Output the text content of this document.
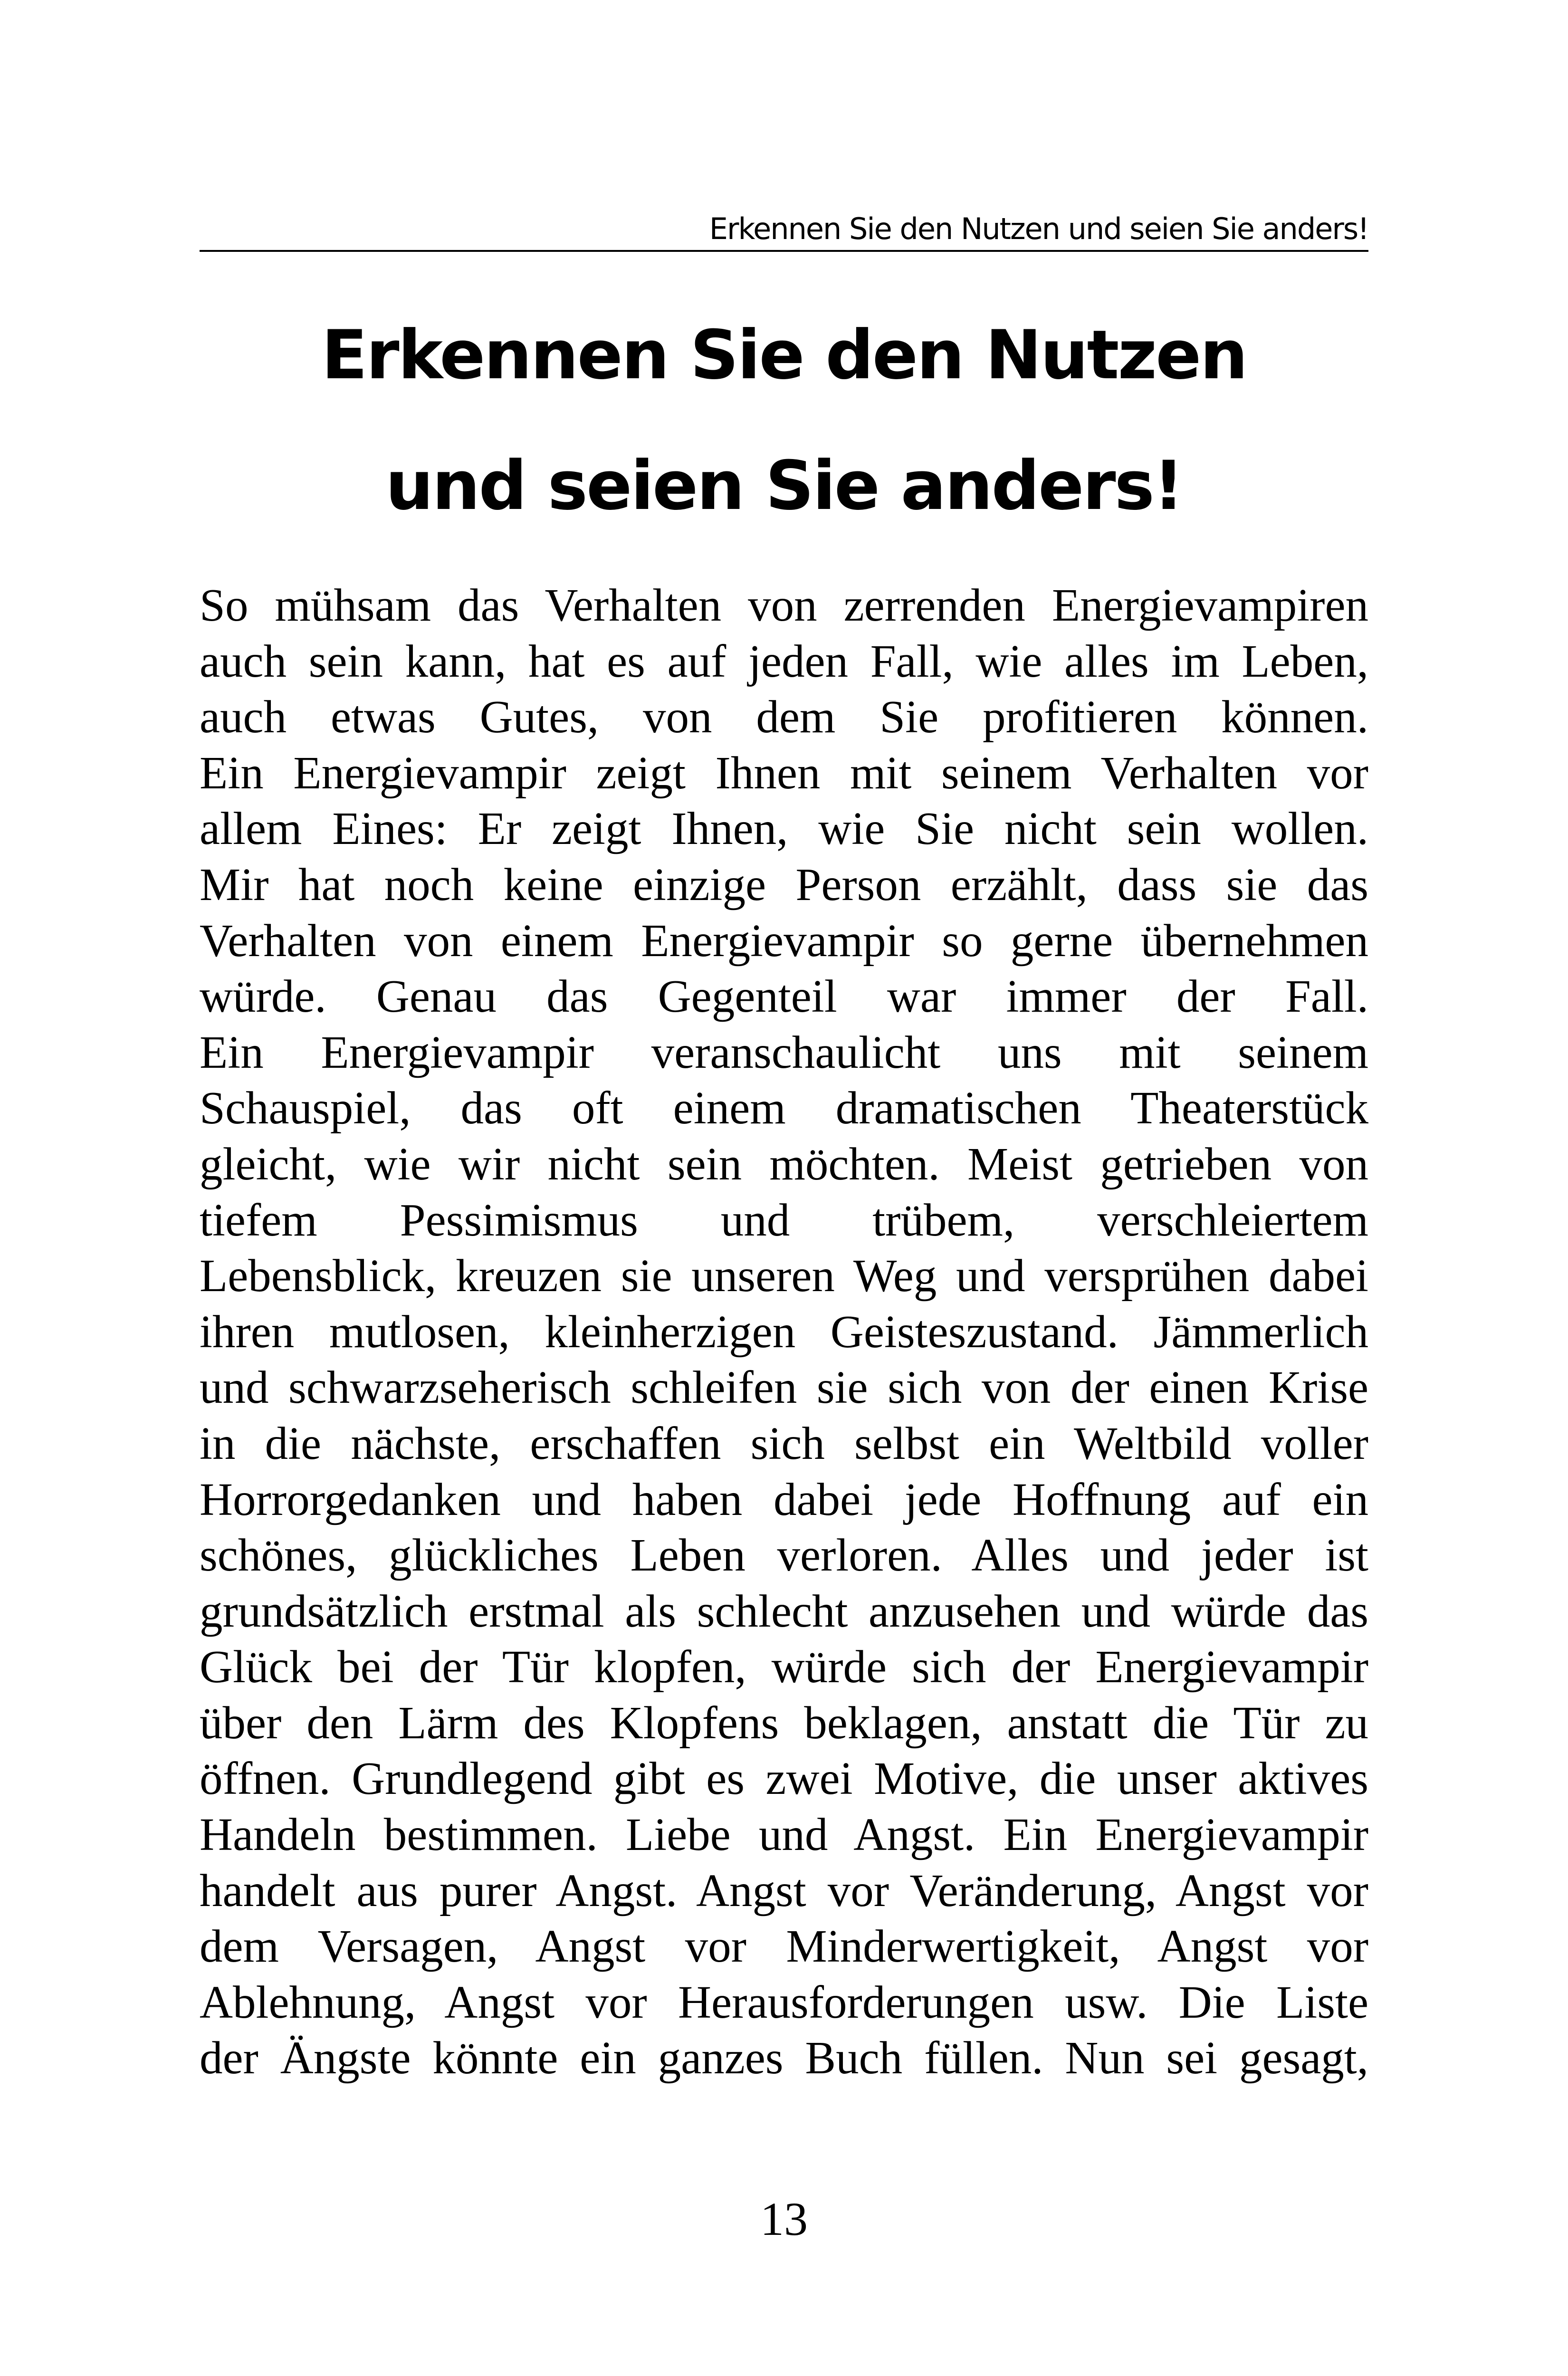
Erkennen Sie den Nutzen und seien Sie anders!
Erkennen Sie den Nutzen
und seien Sie anders!
So mühsam das Verhalten von zerrenden Energievampiren
auch sein kann, hat es auf jeden Fall, wie alles im Leben,
auch etwas Gutes, von dem Sie profitieren können.
Ein Energievampir zeigt Ihnen mit seinem Verhalten vor
allem Eines: Er zeigt Ihnen, wie Sie nicht sein wollen.
Mir hat noch keine einzige Person erzählt, dass sie das
Verhalten von einem Energievampir so gerne übernehmen
würde. Genau das Gegenteil war immer der Fall.
Ein Energievampir veranschaulicht uns mit seinem
Schauspiel, das oft einem dramatischen Theaterstück
gleicht, wie wir nicht sein möchten. Meist getrieben von
tiefem Pessimismus und trübem, verschleiertem
Lebensblick, kreuzen sie unseren Weg und versprühen dabei
ihren mutlosen, kleinherzigen Geisteszustand. Jämmerlich
und schwarzseherisch schleifen sie sich von der einen Krise
in die nächste, erschaffen sich selbst ein Weltbild voller
Horrorgedanken und haben dabei jede Hoffnung auf ein
schönes, glückliches Leben verloren. Alles und jeder ist
grundsätzlich erstmal als schlecht anzusehen und würde das
Glück bei der Tür klopfen, würde sich der Energievampir
über den Lärm des Klopfens beklagen, anstatt die Tür zu
öffnen. Grundlegend gibt es zwei Motive, die unser aktives
Handeln bestimmen. Liebe und Angst. Ein Energievampir
handelt aus purer Angst. Angst vor Veränderung, Angst vor
dem Versagen, Angst vor Minderwertigkeit, Angst vor
Ablehnung, Angst vor Herausforderungen usw. Die Liste
der Ängste könnte ein ganzes Buch füllen. Nun sei gesagt,
13
